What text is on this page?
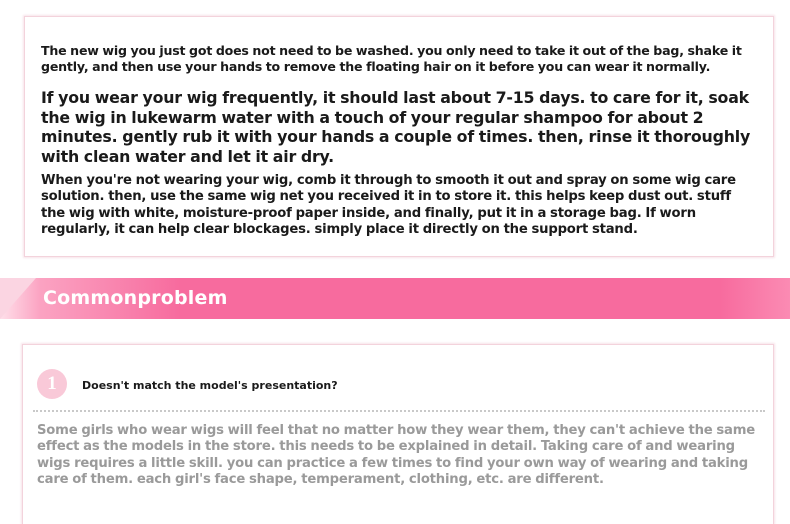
The new wig you just got does not need to be washed. you only need to take it out of the bag, shake it gently, and then use your hands to remove the floating hair on it before you can wear it normally.

If you wear your wig frequently, it should last about 7-15 days. to care for it, soak the wig in lukewarm water with a touch of your regular shampoo for about 2 minutes. gently rub it with your hands a couple of times. then, rinse it thoroughly with clean water and let it air dry.

When you're not wearing your wig, comb it through to smooth it out and spray on some wig care solution. then, use the same wig net you received it in to store it. this helps keep dust out. stuff the wig with white, moisture-proof paper inside, and finally, put it in a storage bag. If worn regularly, it can help clear blockages. simply place it directly on the support stand.

Commonproblem
1	Doesn't match the model's presentation?

Some girls who wear wigs will feel that no matter how they wear them, they can't achieve the same effect as the models in the store. this needs to be explained in detail. Taking care of and wearing wigs requires a little skill. you can practice a few times to find your own way of wearing and taking care of them. each girl's face shape, temperament, clothing, etc. are different.
